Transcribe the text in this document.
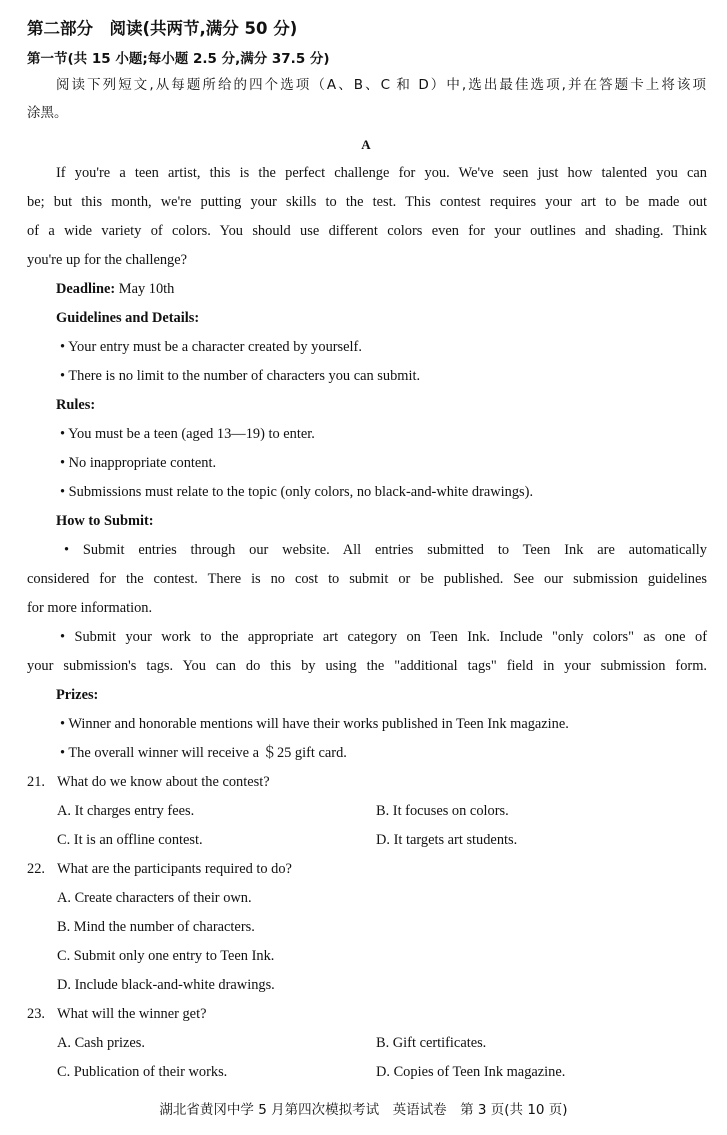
第二部分　阅读(共两节,满分 50 分)
第一节(共 15 小题;每小题 2.5 分,满分 37.5 分)
阅读下列短文,从每题所给的四个选项（A、B、C 和 D）中,选出最佳选项,并在答题卡上将该项
涂黑。
A
If you're a teen artist, this is the perfect challenge for you. We've seen just how talented you can
be; but this month, we're putting your skills to the test. This contest requires your art to be made out
of a wide variety of colors. You should use different colors even for your outlines and shading. Think
you're up for the challenge?
Deadline: May 10th
Guidelines and Details:
• Your entry must be a character created by yourself.
• There is no limit to the number of characters you can submit.
Rules:
• You must be a teen (aged 13—19) to enter.
• No inappropriate content.
• Submissions must relate to the topic (only colors, no black-and-white drawings).
How to Submit:
• Submit entries through our website. All entries submitted to Teen Ink are automatically
considered for the contest. There is no cost to submit or be published. See our submission guidelines
for more information.
• Submit your work to the appropriate art category on Teen Ink. Include "only colors" as one of
your submission's tags. You can do this by using the "additional tags" field in your submission form.
Prizes:
• Winner and honorable mentions will have their works published in Teen Ink magazine.
• The overall winner will receive a ＄25 gift card.
21. What do we know about the contest?
A. It charges entry fees.	B. It focuses on colors.
C. It is an offline contest.	D. It targets art students.
22. What are the participants required to do?
A. Create characters of their own.
B. Mind the number of characters.
C. Submit only one entry to Teen Ink.
D. Include black-and-white drawings.
23. What will the winner get?
A. Cash prizes.	B. Gift certificates.
C. Publication of their works.	D. Copies of Teen Ink magazine.
湖北省黄冈中学 5 月第四次模拟考试　英语试卷　第 3 页(共 10 页)
